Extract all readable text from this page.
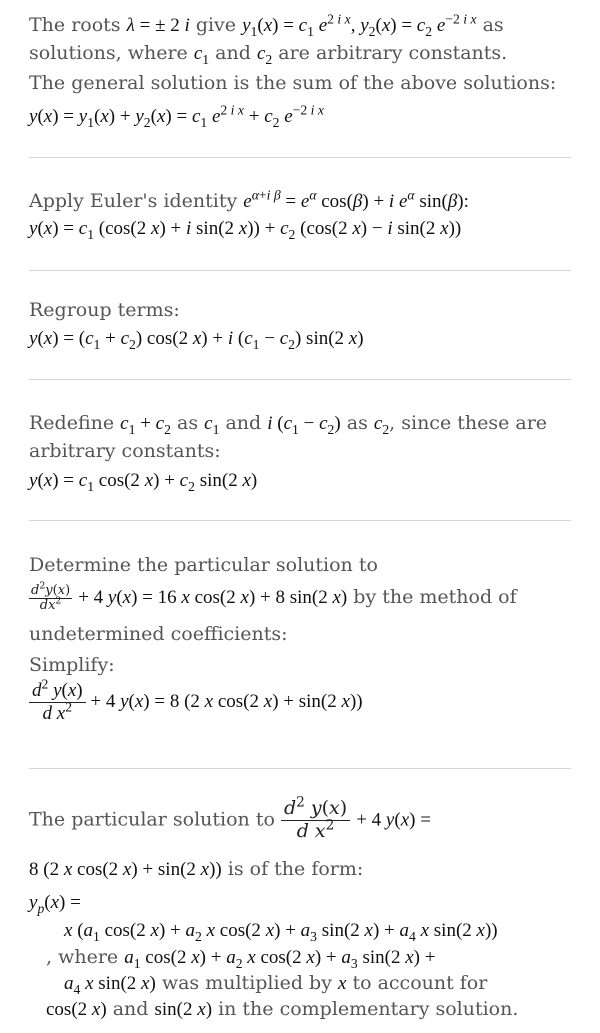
The roots λ = ± 2 i give $y_1(x) = c_1$ $e^{2 i x}$, $y_2(x) = c_2$ $e^{-2 i x}$ as
solutions, where $c_1$ and $c_2$ are arbitrary constants.
The general solution is the sum of the above solutions:
$y(x) = y_1(x) + y_2(x) = c_1$ $e^{2 i x} + c_2$ $e^{-2 i x}$
Apply Euler's identity $e^{\alpha+i \beta} = e^\alpha$ cos(β) + i $e^\alpha$ sin(β):
$y(x) = c_1$ (cos(2 x) + i sin(2 $x)) + c_2$ (cos(2 x) − i sin(2 x))
Regroup terms:
$y(x) = (c_1 + c_2)$ cos(2 x) + i $(c_1 - c_2)$ sin(2 x)
Redefine $c_1 + c_2$ as $c_1$ and i $(c_1 - c_2)$ as $c_2$, since these are
arbitrary constants:
$y(x) = c_1$ cos(2 $x) + c_2$ sin(2 x)
Determine the particular solution to
$\frac{d^2y(x)}{dx^2} + 4$ y(x) = 16 x cos(2 x) + 8 sin(2 x) by the method of
undetermined coefficients:
Simplify:
$\frac{d^2 y(x)}{d x^2} + 4$ y(x) = 8 (2 x cos(2 x) + sin(2 x))
The particular solution to $\frac{d^2 y(x)}{d x^2} + 4$ y(x) =
8 (2 x cos(2 x) + sin(2 x)) is of the form:
$y_p(x)$ =
x ($a_1$ cos(2 $x) + a_2$ x cos(2 $x) + a_3$ sin(2 $x) + a_4$ x sin(2 x))
, where $a_1$ cos(2 $x) + a_2$ x cos(2 $x) + a_3$ sin(2 x) +
$a_4$ x sin(2 x) was multiplied by x to account for
cos(2 x) and sin(2 x) in the complementary solution.
